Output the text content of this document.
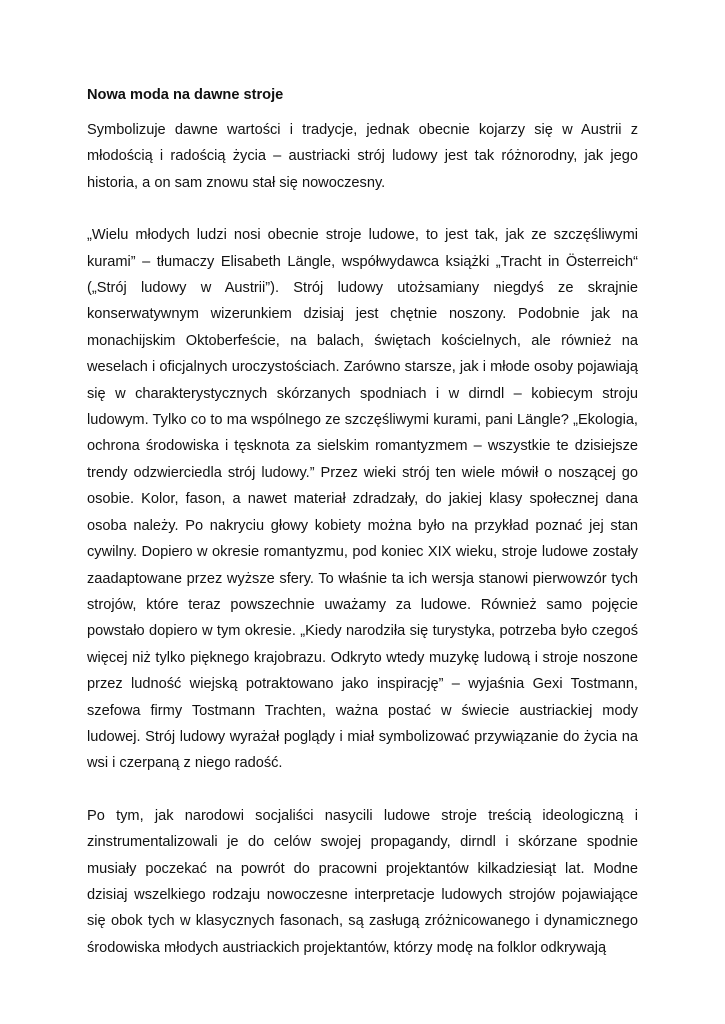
Nowa moda na dawne stroje

Symbolizuje dawne wartości i tradycje, jednak obecnie kojarzy się w Austrii z młodością i radością życia – austriacki strój ludowy jest tak różnorodny, jak jego historia, a on sam znowu stał się nowoczesny.

„Wielu młodych ludzi nosi obecnie stroje ludowe, to jest tak, jak ze szczęśliwymi kurami” – tłumaczy Elisabeth Längle, współwydawca książki „Tracht in Österreich“ („Strój ludowy w Austrii”). Strój ludowy utożsamiany niegdyś ze skrajnie konserwatywnym wizerunkiem dzisiaj jest chętnie noszony. Podobnie jak na monachijskim Oktoberfeście, na balach, świętach kościelnych, ale również na weselach i oficjalnych uroczystościach. Zarówno starsze, jak i młode osoby pojawiają się w charakterystycznych skórzanych spodniach i w dirndl – kobiecym stroju ludowym. Tylko co to ma wspólnego ze szczęśliwymi kurami, pani Längle? „Ekologia, ochrona środowiska i tęsknota za sielskim romantyzmem – wszystkie te dzisiejsze trendy odzwierciedla strój ludowy.” Przez wieki strój ten wiele mówił o noszącej go osobie. Kolor, fason, a nawet materiał zdradzały, do jakiej klasy społecznej dana osoba należy. Po nakryciu głowy kobiety można było na przykład poznać jej stan cywilny. Dopiero w okresie romantyzmu, pod koniec XIX wieku, stroje ludowe zostały zaadaptowane przez wyższe sfery. To właśnie ta ich wersja stanowi pierwowzór tych strojów, które teraz powszechnie uważamy za ludowe. Również samo pojęcie powstało dopiero w tym okresie. „Kiedy narodziła się turystyka, potrzeba było czegoś więcej niż tylko pięknego krajobrazu. Odkryto wtedy muzykę ludową i stroje noszone przez ludność wiejską potraktowano jako inspirację” – wyjaśnia Gexi Tostmann, szefowa firmy Tostmann Trachten, ważna postać w świecie austriackiej mody ludowej. Strój ludowy wyrażał poglądy i miał symbolizować przywiązanie do życia na wsi i czerpaną z niego radość.

Po tym, jak narodowi socjaliści nasycili ludowe stroje treścią ideologiczną i zinstrumentalizowali je do celów swojej propagandy, dirndl i skórzane spodnie musiały poczekać na powrót do pracowni projektantów kilkadziesiąt lat. Modne dzisiaj wszelkiego rodzaju nowoczesne interpretacje ludowych strojów pojawiające się obok tych w klasycznych fasonach, są zasługą zróżnicowanego i dynamicznego środowiska młodych austriackich projektantów, którzy modę na folklor odkrywają
